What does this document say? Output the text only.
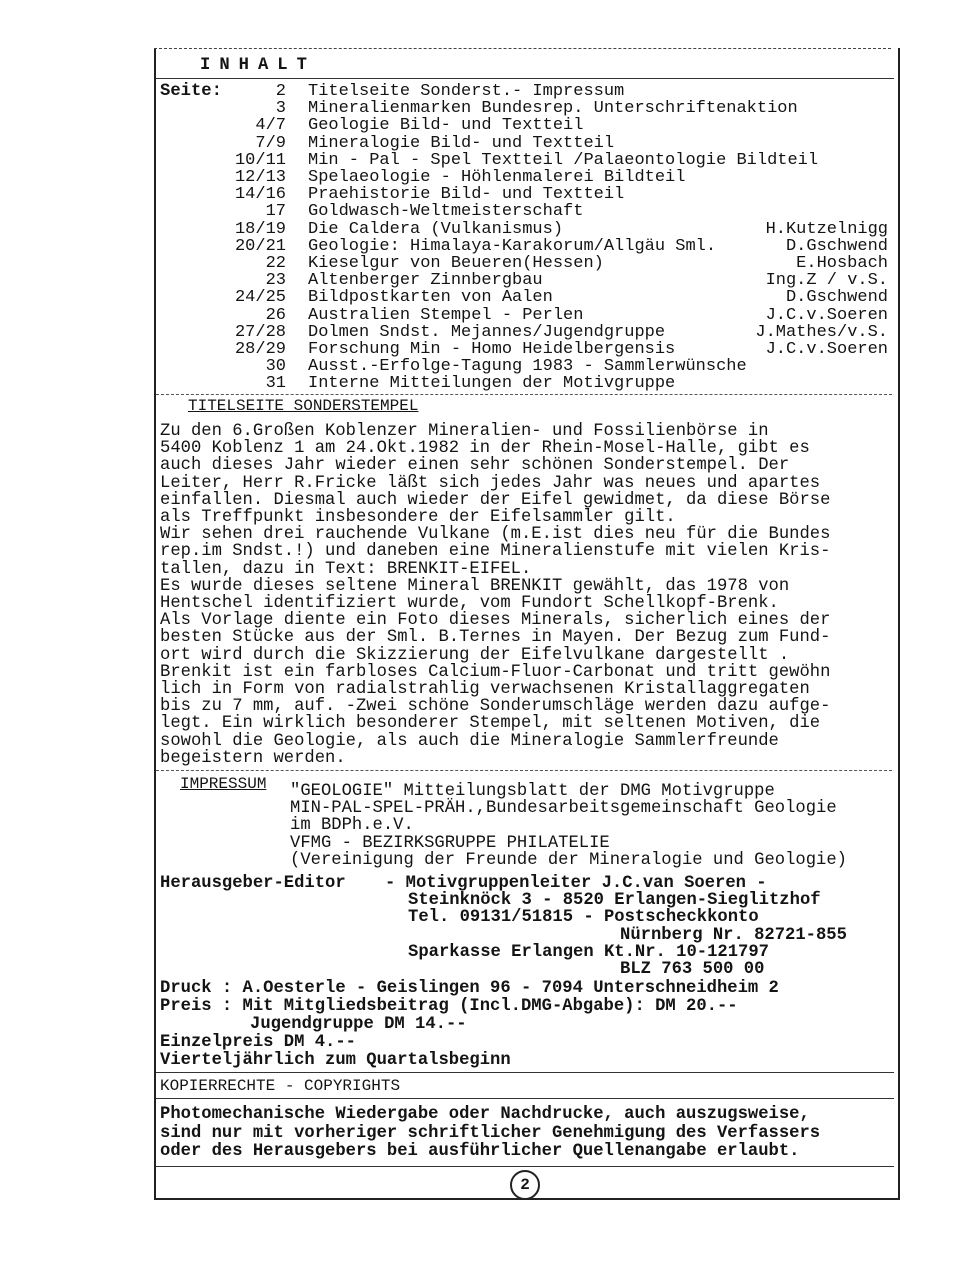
INHALT
Seite:	2 Titelseite Sonderst.- Impressum
3 Mineralienmarken Bundesrep. Unterschriftenaktion
4/7 Geologie Bild- und Textteil
7/9 Mineralogie Bild- und Textteil
10/11 Min - Pal - Spel Textteil /Palaeontologie Bildteil
12/13 Spelaeologie - Höhlenmalerei Bildteil
14/16 Praehistorie Bild- und Textteil
17 Goldwasch-Weltmeisterschaft
18/19 Die Caldera (Vulkanismus)	H.Kutzelnigg
20/21 Geologie: Himalaya-Karakorum/Allgäu Sml.	D.Gschwend
22 Kieselgur von Beueren(Hessen)	E.Hosbach
23 Altenberger Zinnbergbau	Ing.Z / v.S.
24/25 Bildpostkarten von Aalen	D.Gschwend
26 Australien Stempel - Perlen	J.C.v.Soeren
27/28 Dolmen Sndst. Mejannes/Jugendgruppe	J.Mathes/v.S.
28/29 Forschung Min - Homo Heidelbergensis	J.C.v.Soeren
30 Ausst.-Erfolge-Tagung 1983 - Sammlerwünsche
31 Interne Mitteilungen der Motivgruppe
TITELSEITE SONDERSTEMPEL
Zu den 6.Großen Koblenzer Mineralien- und Fossilienbörse in
5400 Koblenz 1 am 24.Okt.1982 in der Rhein-Mosel-Halle, gibt es
auch dieses Jahr wieder einen sehr schönen Sonderstempel. Der
Leiter, Herr R.Fricke läßt sich jedes Jahr was neues und apartes
einfallen. Diesmal auch wieder der Eifel gewidmet, da diese Börse
als Treffpunkt insbesondere der Eifelsammler gilt.
Wir sehen drei rauchende Vulkane (m.E.ist dies neu für die Bundes
rep.im Sndst.!) und daneben eine Mineralienstufe mit vielen Kris-
tallen, dazu in Text: BRENKIT-EIFEL.
Es wurde dieses seltene Mineral BRENKIT gewählt, das 1978 von
Hentschel identifiziert wurde, vom Fundort Schellkopf-Brenk.
Als Vorlage diente ein Foto dieses Minerals, sicherlich eines der
besten Stücke aus der Sml. B.Ternes in Mayen. Der Bezug zum Fund-
ort wird durch die Skizzierung der Eifelvulkane dargestellt .
Brenkit ist ein farbloses Calcium-Fluor-Carbonat und tritt gewöhn
lich in Form von radialstrahlig verwachsenen Kristallaggregaten
bis zu 7 mm, auf. -Zwei schöne Sonderumschläge werden dazu aufge-
legt. Ein wirklich besonderer Stempel, mit seltenen Motiven, die
sowohl die Geologie, als auch die Mineralogie Sammlerfreunde
begeistern werden.
IMPRESSUM "GEOLOGIE" Mitteilungsblatt der DMG Motivgruppe
MIN-PAL-SPEL-PRÄH.,Bundesarbeitsgemeinschaft Geologie
im BDPh.e.V.
VFMG - BEZIRKSGRUPPE PHILATELIE
(Vereinigung der Freunde der Mineralogie und Geologie)
Herausgeber-Editor - Motivgruppenleiter J.C.van Soeren -
Steinknöck 3 - 8520 Erlangen-Sieglitzhof
Tel. 09131/51815 - Postscheckkonto
Nürnberg Nr. 82721-855
Sparkasse Erlangen Kt.Nr. 10-121797
BLZ 763 500 00
Druck : A.Oesterle - Geislingen 96 - 7094 Unterschneidheim 2
Preis : Mit Mitgliedsbeitrag (Incl.DMG-Abgabe): DM 20.--
Jugendgruppe DM 14.--
Einzelpreis DM 4.--
Vierteljährlich zum Quartalsbeginn
KOPIERRECHTE - COPYRIGHTS
Photomechanische Wiedergabe oder Nachdrucke, auch auszugsweise,
sind nur mit vorheriger schriftlicher Genehmigung des Verfassers
oder des Herausgebers bei ausführlicher Quellenangabe erlaubt.
2
